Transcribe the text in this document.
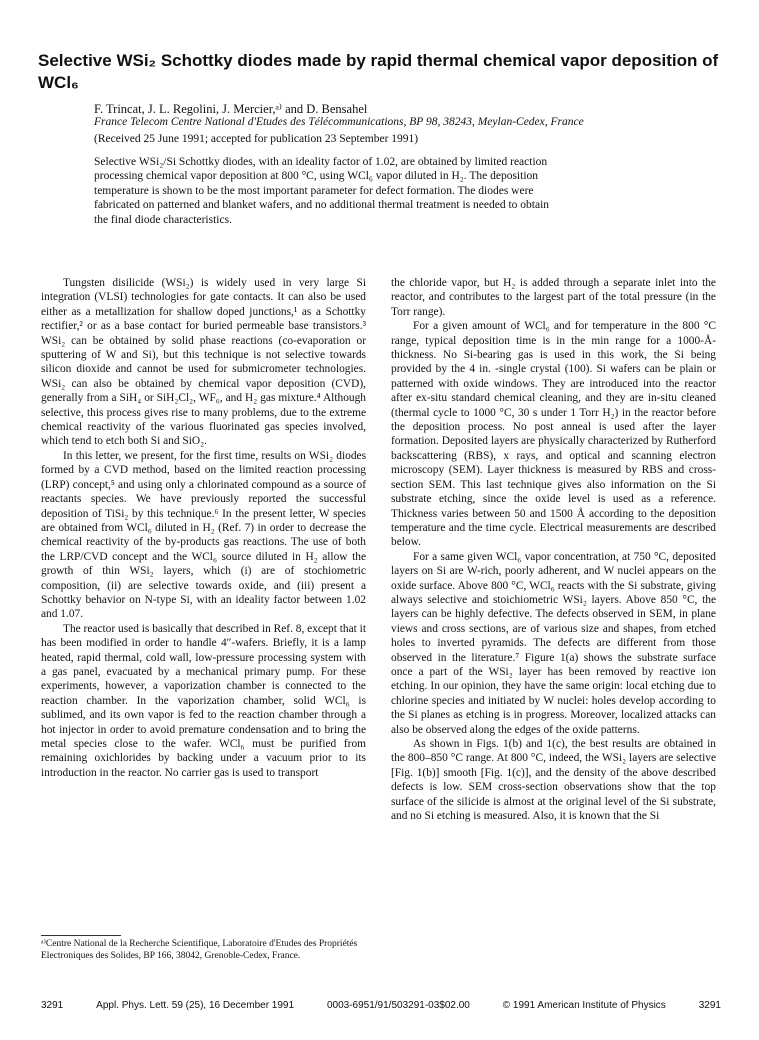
Selective WSi₂ Schottky diodes made by rapid thermal chemical vapor deposition of WCl₆

F. Trincat, J. L. Regolini, J. Mercier,ᵃ⁾ and D. Bensahel

France Telecom Centre National d'Etudes des Télécommunications, BP 98, 38243, Meylan-Cedex, France

(Received 25 June 1991; accepted for publication 23 September 1991)

Selective WSi₂/Si Schottky diodes, with an ideality factor of 1.02, are obtained by limited reaction processing chemical vapor deposition at 800 °C, using WCl₆ vapor diluted in H₂. The deposition temperature is shown to be the most important parameter for defect formation. The diodes were fabricated on patterned and blanket wafers, and no additional thermal treatment is needed to obtain the final diode characteristics.

Tungsten disilicide (WSi₂) is widely used in very large Si integration (VLSI) technologies for gate contacts. It can also be used either as a metallization for shallow doped junctions,¹ as a Schottky rectifier,² or as a base contact for buried permeable base transistors.³ WSi₂ can be obtained by solid phase reactions (co-evaporation or sputtering of W and Si), but this technique is not selective towards silicon dioxide and cannot be used for submicrometer technologies. WSi₂ can also be obtained by chemical vapor deposition (CVD), generally from a SiH₄ or SiH₂Cl₂, WF₆, and H₂ gas mixture.⁴ Although selective, this process gives rise to many problems, due to the extreme chemical reactivity of the various fluorinated gas species involved, which tend to etch both Si and SiO₂.

In this letter, we present, for the first time, results on WSi₂ diodes formed by a CVD method, based on the limited reaction processing (LRP) concept,⁵ and using only a chlorinated compound as a source of reactants species. We have previously reported the successful deposition of TiSi₂ by this technique.⁶ In the present letter, W species are obtained from WCl₆ diluted in H₂ (Ref. 7) in order to decrease the chemical reactivity of the by-products gas reactions. The use of both the LRP/CVD concept and the WCl₆ source diluted in H₂ allow the growth of thin WSi₂ layers, which (i) are of stochiometric composition, (ii) are selective towards oxide, and (iii) present a Schottky behavior on N-type Si, with an ideality factor between 1.02 and 1.07.

The reactor used is basically that described in Ref. 8, except that it has been modified in order to handle 4″-wafers. Briefly, it is a lamp heated, rapid thermal, cold wall, low-pressure processing system with a gas panel, evacuated by a mechanical primary pump. For these experiments, however, a vaporization chamber is connected to the reaction chamber. In the vaporization chamber, solid WCl₆ is sublimed, and its own vapor is fed to the reaction chamber through a hot injector in order to avoid premature condensation and to bring the metal species close to the wafer. WCl₆ must be purified from remaining oxichlorides by backing under a vacuum prior to its introduction in the reactor. No carrier gas is used to transport

the chloride vapor, but H₂ is added through a separate inlet into the reactor, and contributes to the largest part of the total pressure (in the Torr range).

For a given amount of WCl₆ and for temperature in the 800 °C range, typical deposition time is in the min range for a 1000-Å-thickness. No Si-bearing gas is used in this work, the Si being provided by the 4 in. -single crystal (100). Si wafers can be plain or patterned with oxide windows. They are introduced into the reactor after ex-situ standard chemical cleaning, and they are in-situ cleaned (thermal cycle to 1000 °C, 30 s under 1 Torr H₂) in the reactor before the deposition process. No post anneal is used after the layer formation. Deposited layers are physically characterized by Rutherford backscattering (RBS), x rays, and optical and scanning electron microscopy (SEM). Layer thickness is measured by RBS and cross-section SEM. This last technique gives also information on the Si substrate etching, since the oxide level is used as a reference. Thickness varies between 50 and 1500 Å according to the deposition temperature and the time cycle. Electrical measurements are described below.

For a same given WCl₆ vapor concentration, at 750 °C, deposited layers on Si are W-rich, poorly adherent, and W nuclei appears on the oxide surface. Above 800 °C, WCl₆ reacts with the Si substrate, giving always selective and stoichiometric WSi₂ layers. Above 850 °C, the layers can be highly defective. The defects observed in SEM, in plane views and cross sections, are of various size and shapes, from etched holes to inverted pyramids. The defects are different from those observed in the literature.⁷ Figure 1(a) shows the substrate surface once a part of the WSi₂ layer has been removed by reactive ion etching. In our opinion, they have the same origin: local etching due to chlorine species and initiated by W nuclei: holes develop according to the Si planes as etching is in progress. Moreover, localized attacks can also be observed along the edges of the oxide patterns.

As shown in Figs. 1(b) and 1(c), the best results are obtained in the 800–850 °C range. At 800 °C, indeed, the WSi₂ layers are selective [Fig. 1(b)] smooth [Fig. 1(c)], and the density of the above described defects is low. SEM cross-section observations show that the top surface of the silicide is almost at the original level of the Si substrate, and no Si etching is measured. Also, it is known that the Si

ᵃ⁾Centre National de la Recherche Scientifique, Laboratoire d'Etudes des Propriétés Electroniques des Solides, BP 166, 38042, Grenoble-Cedex, France.

3291	Appl. Phys. Lett. 59 (25), 16 December 1991	0003-6951/91/503291-03$02.00	© 1991 American Institute of Physics	3291
